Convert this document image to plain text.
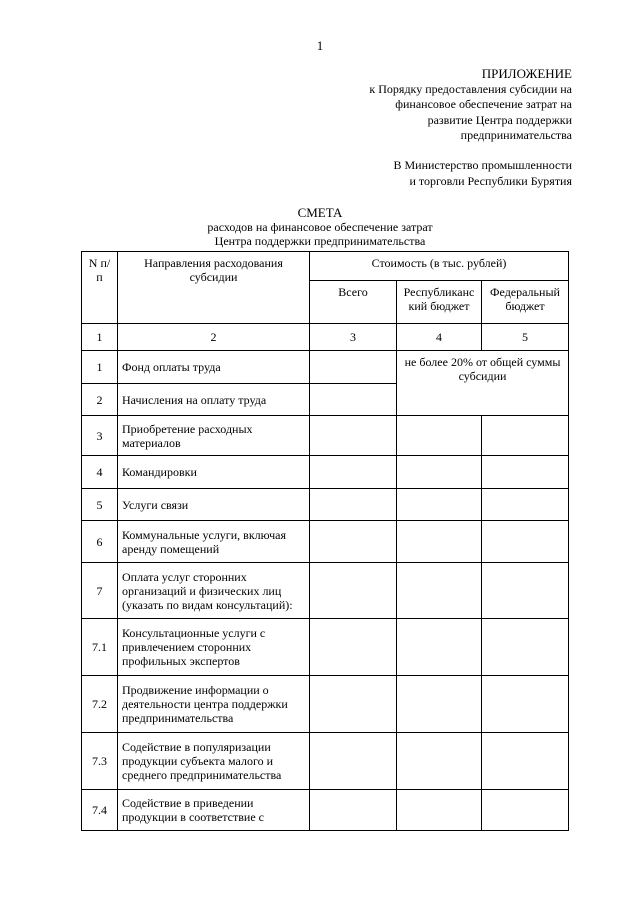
1
ПРИЛОЖЕНИЕ
к Порядку предоставления субсидии на
финансовое обеспечение затрат на
развитие Центра поддержки
предпринимательства
В Министерство промышленности
и торговли Республики Бурятия
СМЕТА
расходов на финансовое обеспечение затрат
Центра поддержки предпринимательства
N п/п	Направления расходования субсидии	Стоимость (в тыс. рублей)		
		Всего	Республиканс кий бюджет	Федеральный бюджет
1	2	3	4	5
1	Фонд оплаты труда		не более 20% от общей суммы субсидии	
2	Начисления на оплату труда			
3	Приобретение расходных материалов			
4	Командировки			
5	Услуги связи			
6	Коммунальные услуги, включая аренду помещений			
7	Оплата услуг сторонних организаций и физических лиц (указать по видам консультаций):			
7.1	Консультационные услуги с привлечением сторонних профильных экспертов			
7.2	Продвижение информации о деятельности центра поддержки предпринимательства			
7.3	Содействие в популяризации продукции субъекта малого и среднего предпринимательства			
7.4	Содействие в приведении продукции в соответствие с			
